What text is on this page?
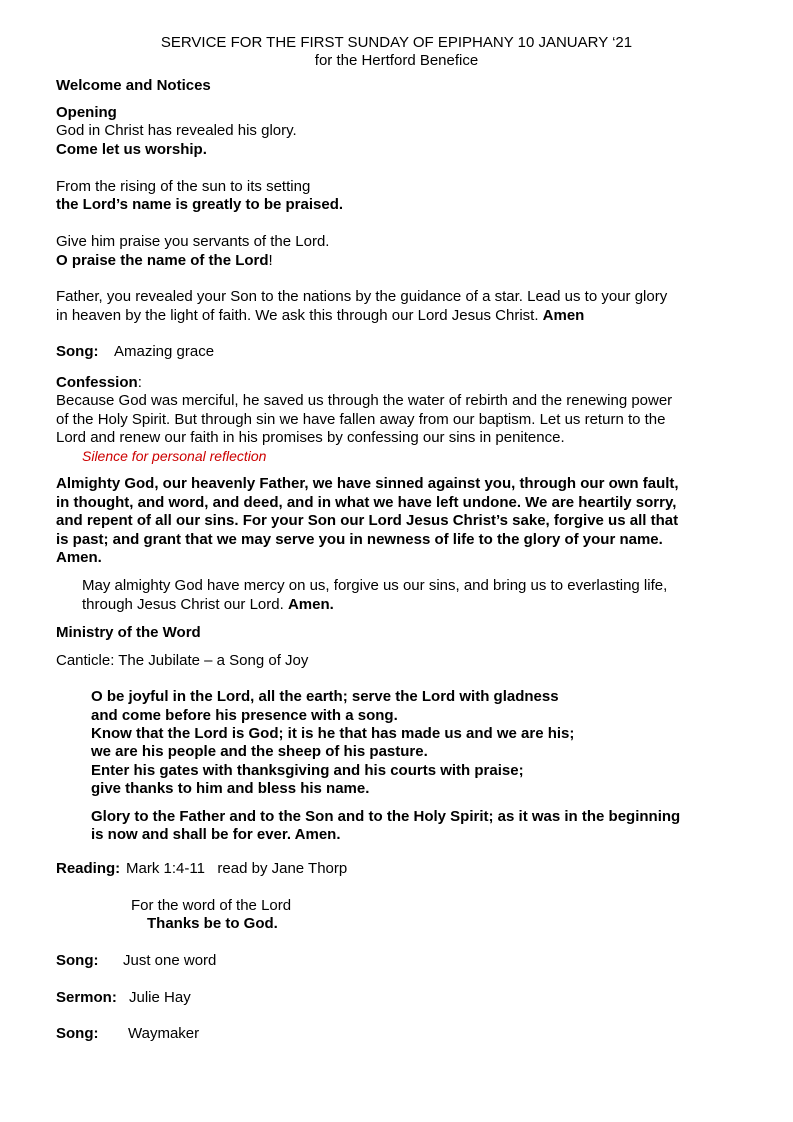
SERVICE FOR THE FIRST SUNDAY OF EPIPHANY 10 JANUARY ‘21
for the Hertford Benefice
Welcome and Notices
Opening
God in Christ has revealed his glory.
Come let us worship.
From the rising of the sun to its setting
the Lord’s name is greatly to be praised.
Give him praise you servants of the Lord.
O praise the name of the Lord!
Father, you revealed your Son to the nations by the guidance of a star. Lead us to your glory
in heaven by the light of faith. We ask this through our Lord Jesus Christ. Amen
Song: Amazing grace
Confession:
Because God was merciful, he saved us through the water of rebirth and the renewing power
of the Holy Spirit. But through sin we have fallen away from our baptism. Let us return to the
Lord and renew our faith in his promises by confessing our sins in penitence.
Silence for personal reflection
Almighty God, our heavenly Father, we have sinned against you, through our own fault,
in thought, and word, and deed, and in what we have left undone. We are heartily sorry,
and repent of all our sins. For your Son our Lord Jesus Christ’s sake, forgive us all that
is past; and grant that we may serve you in newness of life to the glory of your name.
Amen.
May almighty God have mercy on us, forgive us our sins, and bring us to everlasting life,
through Jesus Christ our Lord. Amen.
Ministry of the Word
Canticle: The Jubilate – a Song of Joy
O be joyful in the Lord, all the earth; serve the Lord with gladness
and come before his presence with a song.
Know that the Lord is God; it is he that has made us and we are his;
we are his people and the sheep of his pasture.
Enter his gates with thanksgiving and his courts with praise;
give thanks to him and bless his name.
Glory to the Father and to the Son and to the Holy Spirit; as it was in the beginning
is now and shall be for ever. Amen.
Reading: Mark 1:4-11   read by Jane Thorp
For the word of the Lord
Thanks be to God.
Song: Just one word
Sermon: Julie Hay
Song: Waymaker
